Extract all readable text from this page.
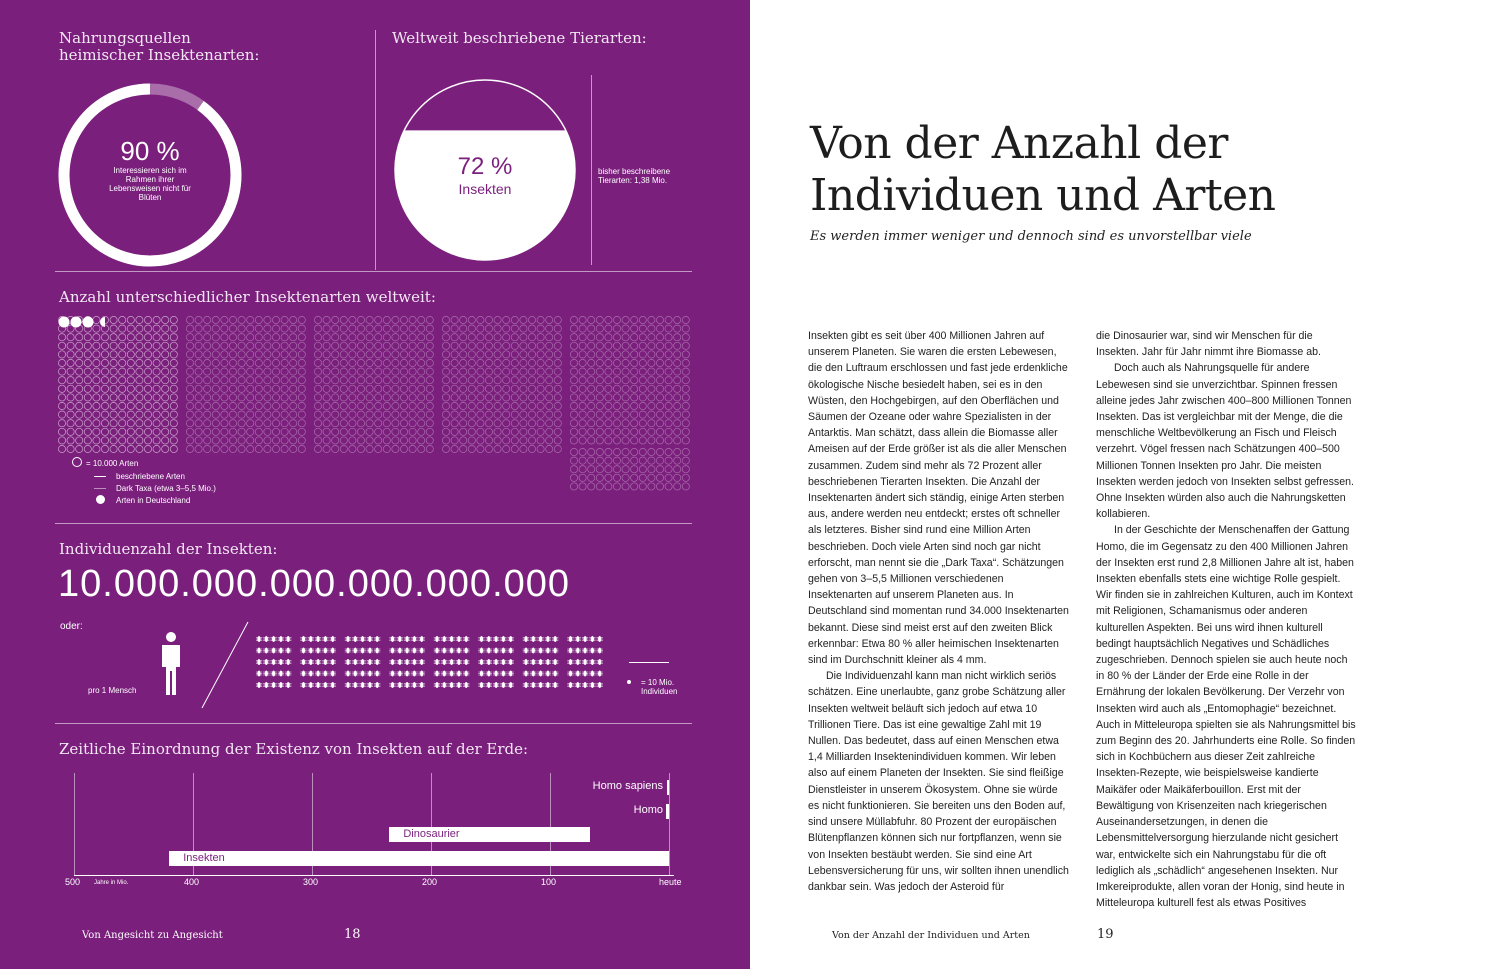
Nahrungsquellen heimischer Insektenarten:
90 %
Interessieren sich im Rahmen ihrer Lebensweisen nicht für Blüten
Weltweit beschriebene Tierarten:
72 %
Insekten
bisher beschreibene Tierarten: 1,38 Mio.
Anzahl unterschiedlicher Insektenarten weltweit:
= 10.000 Arten
beschriebene Arten
Dark Taxa (etwa 3–5,5 Mio.)
Arten in Deutschland
Individuenzahl der Insekten:
10.000.000.000.000.000.000
oder:
pro 1 Mensch
= 10 Mio. Individuen
Zeitliche Einordnung der Existenz von Insekten auf der Erde:
500	400	300	200	100	heute
Homo sapiens
Homo
Dinosaurier
Insekten
Jahre in Mio.
Von Angesicht zu Angesicht	18
Von der Anzahl der
Individuen und Arten
Es werden immer weniger und dennoch sind es unvorstellbar viele

Insekten gibt es seit über 400 Millionen Jahren auf unserem Planeten. Sie waren die ersten Lebewesen, die den Luftraum erschlossen und fast jede erdenkliche ökologische Nische besiedelt haben, sei es in den Wüsten, den Hochgebirgen, auf den Oberflächen und Säumen der Ozeane oder wahre Spezialisten in der Antarktis. Man schätzt, dass allein die Biomasse aller Ameisen auf der Erde größer ist als die aller Menschen zusammen. Zudem sind mehr als 72 Prozent aller beschriebenen Tierarten Insekten. Die Anzahl der Insektenarten ändert sich ständig, einige Arten sterben aus, andere werden neu entdeckt; erstes oft schneller als letzteres. Bisher sind rund eine Million Arten beschrieben. Doch viele Arten sind noch gar nicht erforscht, man nennt sie die „Dark Taxa“. Schätzungen gehen von 3–5,5 Millionen verschiedenen Insektenarten auf unserem Planeten aus. In Deutschland sind momentan rund 34.000 Insektenarten bekannt. Diese sind meist erst auf den zweiten Blick erkennbar: Etwa 80 % aller heimischen Insektenarten sind im Durchschnitt kleiner als 4 mm.

Die Individuenzahl kann man nicht wirklich seriös schätzen. Eine unerlaubte, ganz grobe Schätzung aller Insekten weltweit beläuft sich jedoch auf etwa 10 Trillionen Tiere. Das ist eine gewaltige Zahl mit 19 Nullen. Das bedeutet, dass auf einen Menschen etwa 1,4 Milliarden Insektenindividuen kommen. Wir leben also auf einem Planeten der Insekten. Sie sind fleißige Dienstleister in unserem Ökosystem. Ohne sie würde es nicht funktionieren. Sie bereiten uns den Boden auf, sind unsere Müllabfuhr. 80 Prozent der europäischen Blütenpflanzen können sich nur fortpflanzen, wenn sie von Insekten bestäubt werden. Sie sind eine Art Lebensversicherung für uns, wir sollten ihnen unendlich dankbar sein. Was jedoch der Asteroid für

die Dinosaurier war, sind wir Menschen für die Insekten. Jahr für Jahr nimmt ihre Biomasse ab.

Doch auch als Nahrungsquelle für andere Lebewesen sind sie unverzichtbar. Spinnen fressen alleine jedes Jahr zwischen 400–800 Millionen Tonnen Insekten. Das ist vergleichbar mit der Menge, die die menschliche Weltbevölkerung an Fisch und Fleisch verzehrt. Vögel fressen nach Schätzungen 400–500 Millionen Tonnen Insekten pro Jahr. Die meisten Insekten werden jedoch von Insekten selbst gefressen. Ohne Insekten würden also auch die Nahrungsketten kollabieren.

In der Geschichte der Menschenaffen der Gattung Homo, die im Gegensatz zu den 400 Millionen Jahren der Insekten erst rund 2,8 Millionen Jahre alt ist, haben Insekten ebenfalls stets eine wichtige Rolle gespielt. Wir finden sie in zahlreichen Kulturen, auch im Kontext mit Religionen, Schamanismus oder anderen kulturellen Aspekten. Bei uns wird ihnen kulturell bedingt hauptsächlich Negatives und Schädliches zugeschrieben. Dennoch spielen sie auch heute noch in 80 % der Länder der Erde eine Rolle in der Ernährung der lokalen Bevölkerung. Der Verzehr von Insekten wird auch als „Entomophagie“ bezeichnet. Auch in Mitteleuropa spielten sie als Nahrungsmittel bis zum Beginn des 20. Jahrhunderts eine Rolle. So finden sich in Kochbüchern aus dieser Zeit zahlreiche Insekten-Rezepte, wie beispielsweise kandierte Maikäfer oder Maikäferbouillon. Erst mit der Bewältigung von Krisenzeiten nach kriegerischen Auseinandersetzungen, in denen die Lebensmittelversorgung hierzulande nicht gesichert war, entwickelte sich ein Nahrungstabu für die oft lediglich als „schädlich“ angesehenen Insekten. Nur Imkereiprodukte, allen voran der Honig, sind heute in Mitteleuropa kulturell fest als etwas Positives

Von der Anzahl der Individuen und Arten	19
